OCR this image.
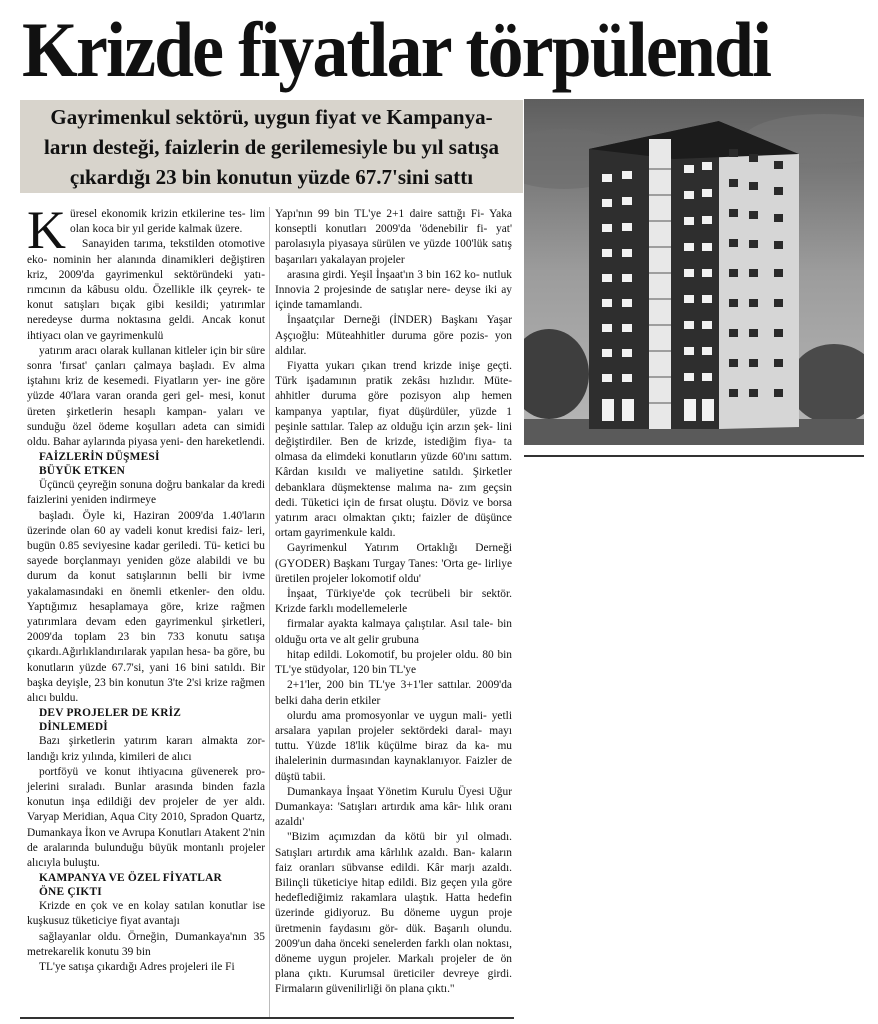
Krizde fiyatlar törpülendi
Gayrimenkul sektörü, uygun fiyat ve Kampanya-
ların desteği, faizlerin de gerilemesiyle bu yıl satışa
çıkardığı 23 bin konutun yüzde 67.7'sini sattı

Küresel ekonomik krizin etkilerine tes- lim olan koca bir yıl geride kalmak üzere.

Sanayiden tarıma, tekstilden otomotive eko- nominin her alanında dinamikleri değiştiren kriz, 2009'da gayrimenkul sektöründeki yatı- rımcının da kâbusu oldu. Özellikle ilk çeyrek- te konut satışları bıçak gibi kesildi; yatırımlar neredeyse durma noktasına geldi. Ancak konut ihtiyacı olan ve gayrimenkulü

yatırım aracı olarak kullanan kitleler için bir süre sonra 'fırsat' çanları çalmaya başladı. Ev alma iştahını kriz de kesemedi. Fiyatların yer- ine göre yüzde 40'lara varan oranda geri gel- mesi, konut üreten şirketlerin hesaplı kampan- yaları ve sunduğu özel ödeme koşulları adeta can simidi oldu. Bahar aylarında piyasa yeni- den hareketlendi.

FAİZLERİN DÜŞMESİ
BÜYÜK ETKEN

Üçüncü çeyreğin sonuna doğru bankalar da kredi faizlerini yeniden indirmeye

başladı. Öyle ki, Haziran 2009'da 1.40'ların üzerinde olan 60 ay vadeli konut kredisi faiz- leri, bugün 0.85 seviyesine kadar geriledi. Tü- ketici bu sayede borçlanmayı yeniden göze alabildi ve bu durum da konut satışlarının belli bir ivme yakalamasındaki en önemli etkenler- den oldu. Yaptığımız hesaplamaya göre, krize rağmen yatırımlara devam eden gayrimenkul şirketleri, 2009'da toplam 23 bin 733 konutu satışa çıkardı.Ağırlıklandırılarak yapılan hesa- ba göre, bu konutların yüzde 67.7'si, yani 16 bini satıldı. Bir başka deyişle, 23 bin konutun 3'te 2'si krize rağmen alıcı buldu.

DEV PROJELER DE KRİZ
DİNLEMEDİ

Bazı şirketlerin yatırım kararı almakta zor- landığı kriz yılında, kimileri de alıcı

portföyü ve konut ihtiyacına güvenerek pro- jelerini sıraladı. Bunlar arasında binden fazla konutun inşa edildiği dev projeler de yer aldı. Varyap Meridian, Aqua City 2010, Spradon Quartz, Dumankaya İkon ve Avrupa Konutları Atakent 2'nin de aralarında bulunduğu büyük montanlı projeler alıcıyla buluştu.

KAMPANYA VE ÖZEL FİYATLAR
ÖNE ÇIKTI

Krizde en çok ve en kolay satılan konutlar ise kuşkusuz tüketiciye fiyat avantajı

sağlayanlar oldu. Örneğin, Dumankaya'nın 35 metrekarelik konutu 39 bin

TL'ye satışa çıkardığı Adres projeleri ile Fi

Yapı'nın 99 bin TL'ye 2+1 daire sattığı Fi- Yaka konseptli konutları 2009'da 'ödenebilir fi- yat' parolasıyla piyasaya sürülen ve yüzde 100'lük satış başarıları yakalayan projeler

arasına girdi. Yeşil İnşaat'ın 3 bin 162 ko- nutluk Innovia 2 projesinde de satışlar nere- deyse iki ay içinde tamamlandı.

İnşaatçılar Derneği (İNDER) Başkanı Yaşar Aşçıoğlu: Müteahhitler duruma göre pozis- yon aldılar.

Fiyatta yukarı çıkan trend krizde inişe geçti. Türk işadamının pratik zekâsı hızlıdır. Müte- ahhitler duruma göre pozisyon alıp hemen kampanya yaptılar, fiyat düşürdüler, yüzde 1 peşinle sattılar. Talep az olduğu için arzın şek- lini değiştirdiler. Ben de krizde, istediğim fiya- ta olmasa da elimdeki konutların yüzde 60'ını sattım. Kârdan kısıldı ve maliyetine satıldı. Şirketler debanklara düşmektense malıma na- zım geçsin dedi. Tüketici için de fırsat oluştu. Döviz ve borsa yatırım aracı olmaktan çıktı; faizler de düşünce ortam gayrimenkule kaldı.

Gayrimenkul Yatırım Ortaklığı Derneği (GYODER) Başkanı Turgay Tanes: 'Orta ge- lirliye üretilen projeler lokomotif oldu'

İnşaat, Türkiye'de çok tecrübeli bir sektör. Krizde farklı modellemelerle

firmalar ayakta kalmaya çalıştılar. Asıl tale- bin olduğu orta ve alt gelir grubuna

hitap edildi. Lokomotif, bu projeler oldu. 80 bin TL'ye stüdyolar, 120 bin TL'ye

2+1'ler, 200 bin TL'ye 3+1'ler sattılar. 2009'da belki daha derin etkiler

olurdu ama promosyonlar ve uygun mali- yetli arsalara yapılan projeler sektördeki daral- mayı tuttu. Yüzde 18'lik küçülme biraz da ka- mu ihalelerinin durmasından kaynaklanıyor. Faizler de düştü tabii.

Dumankaya İnşaat Yönetim Kurulu Üyesi Uğur Dumankaya: 'Satışları artırdık ama kâr- lılık oranı azaldı'

"Bizim açımızdan da kötü bir yıl olmadı. Satışları artırdık ama kârlılık azaldı. Ban- kaların faiz oranları sübvanse edildi. Kâr marjı azaldı. Bilinçli tüketiciye hitap edildi. Biz geçen yıla göre hedeflediğimiz rakamlara ulaştık. Hatta hedefin üzerinde gidiyoruz. Bu döneme uygun proje üretmenin faydasını gör- dük. Başarılı olundu. 2009'un daha önceki senelerden farklı olan noktası, döneme uygun projeler. Markalı projeler de ön plana çıktı. Kurumsal üreticiler devreye girdi. Firmaların güvenilirliği ön plana çıktı."
